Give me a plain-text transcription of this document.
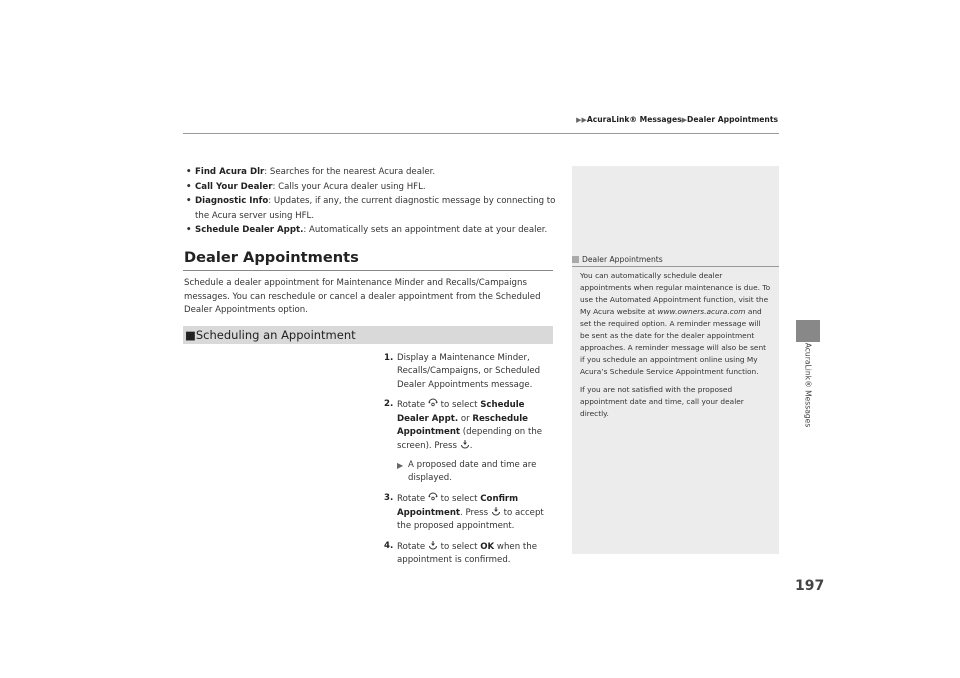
▶▶AcuraLink® Messages▶Dealer Appointments
• Find Acura Dlr: Searches for the nearest Acura dealer.
• Call Your Dealer: Calls your Acura dealer using HFL.
• Diagnostic Info: Updates, if any, the current diagnostic message by connecting to the Acura server using HFL.
• Schedule Dealer Appt.: Automatically sets an appointment date at your dealer.
Dealer Appointments
Schedule a dealer appointment for Maintenance Minder and Recalls/Campaigns messages. You can reschedule or cancel a dealer appointment from the Scheduled Dealer Appointments option.
■Scheduling an Appointment
1. Display a Maintenance Minder, Recalls/Campaigns, or Scheduled Dealer Appointments message.
2. Rotate  to select Schedule Dealer Appt. or Reschedule Appointment (depending on the screen). Press .
▶ A proposed date and time are displayed.
3. Rotate  to select Confirm Appointment. Press  to accept the proposed appointment.
4. Rotate  to select OK when the appointment is confirmed.
Dealer Appointments

You can automatically schedule dealer appointments when regular maintenance is due. To use the Automated Appointment function, visit the My Acura website at www.owners.acura.com and set the required option. A reminder message will be sent as the date for the dealer appointment approaches. A reminder message will also be sent if you schedule an appointment online using My Acura’s Schedule Service Appointment function.

If you are not satisfied with the proposed appointment date and time, call your dealer directly.	AcuraLink® Messages
197
